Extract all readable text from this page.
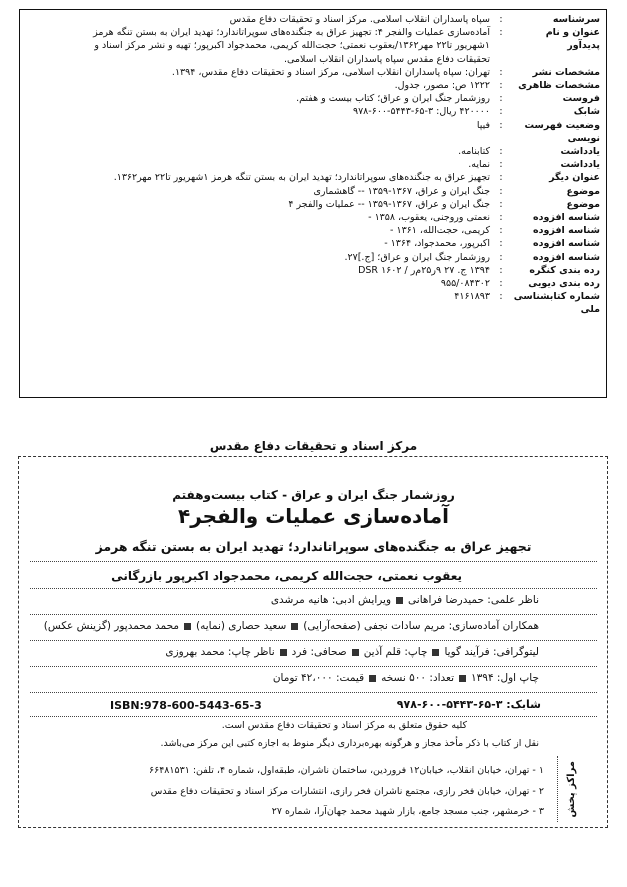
سرشناسه
:
سپاه پاسداران انقلاب اسلامی. مرکز اسناد و تحقیقات دفاع مقدس
عنوان و نام پدیدآور
:
آماده‌سازی عملیات والفجر ۴: تجهیز عراق به جنگنده‌های سوپراتاندارد؛ تهدید ایران به بستن تنگه هرمز
۱شهریور تا۲۲ مهر۱۳۶۲/یعقوب نعمتی؛ حجت‌الله کریمی، محمدجواد اکبرپور؛ تهیه و نشر مرکز اسناد و
تحقیقات دفاع مقدس سپاه پاسداران انقلاب اسلامی.
مشخصات نشر
:
تهران: سپاه پاسداران انقلاب اسلامی، مرکز اسناد و تحقیقات دفاع مقدس، ۱۳۹۴.
مشخصات ظاهری
:
۱۲۲۲ ص: مصور، جدول.
فروست
:
روزشمار جنگ ایران و عراق؛ کتاب بیست و هفتم.
شابک
:
۴۲۰۰۰۰ ریال: ۳-۶۵-۵۴۴۳-۶۰۰-۹۷۸
وضعیت فهرست نویسی
:
فیپا
یادداشت
:
کتابنامه.
یادداشت
:
نمایه.
عنوان دیگر
:
تجهیز عراق به جنگنده‌های سوپراتاندارد؛ تهدید ایران به بستن تنگه هرمز ۱شهریور تا۲۲ مهر۱۳۶۲.
موضوع
:
جنگ ایران و عراق، ۱۳۶۷-۱۳۵۹ -- گاهشماری
موضوع
:
جنگ ایران و عراق، ۱۳۶۷-۱۳۵۹ -- عملیات والفجر ۴
شناسه افزوده
:
نعمتی وروجنی، یعقوب، ۱۳۵۸ -
شناسه افزوده
:
کریمی، حجت‌الله، ۱۳۶۱ -
شناسه افزوده
:
اکبرپور، محمدجواد، ۱۳۶۴ -
شناسه افزوده
:
روزشمار جنگ ایران و عراق؛ [ج.]۲۷.
رده بندی کنگره
:
۱۳۹۴ ج. ۲۷ ۹ر۲۵م‌ر / ۱۶۰۲ DSR
رده بندی دیویی
:
۹۵۵/۰۸۴۳۰۲
شماره کتابشناسی ملی
:
۴۱۶۱۸۹۳
مرکز اسناد و تحقیقات دفاع مقدس
روزشمار جنگ ایران و عراق - کتاب بیست‌وهفتم
آماده‌سازی عملیات والفجر۴
تجهیز عراق به جنگنده‌های سوپراتاندارد؛ تهدید ایران به بستن تنگه هرمز
یعقوب نعمتی، حجت‌الله کریمی، محمدجواد اکبرپور بازرگانی
ناظر علمی: حمیدرضا فراهانیویرایش ادبی: هانیه مرشدی
همکاران آماده‌سازی: مریم سادات نجفی (صفحه‌آرایی)سعید حصاری (نمایه)محمد محمدپور (گزینش عکس)
لیتوگرافی: فرآیند گویاچاپ: قلم آذینصحافی: فردناظر چاپ: محمد بهروزی
چاپ اول: ۱۳۹۴تعداد: ۵۰۰ نسخهقیمت: ۴۲،۰۰۰ تومان
شابک: ۳-۶۵-۵۴۴۳-۶۰۰-۹۷۸
ISBN:978-600-5443-65-3
کلیه حقوق متعلق به مرکز اسناد و تحقیقات دفاع مقدس است.
نقل از کتاب با ذکر مأخذ مجاز و هرگونه بهره‌برداری دیگر منوط به اجازه کتبی این مرکز می‌باشد.
مراکز پخش
۱ - تهران، خیابان انقلاب، خیابان۱۲ فروردین، ساختمان ناشران، طبقه‌اول، شماره ۴، تلفن: ۶۶۴۸۱۵۳۱
۲ - تهران، خیابان فخر رازی، مجتمع ناشران فخر رازی، انتشارات مرکز اسناد و تحقیقات دفاع مقدس
۳ - خرمشهر، جنب مسجد جامع، بازار شهید محمد جهان‌آرا، شماره ۲۷
